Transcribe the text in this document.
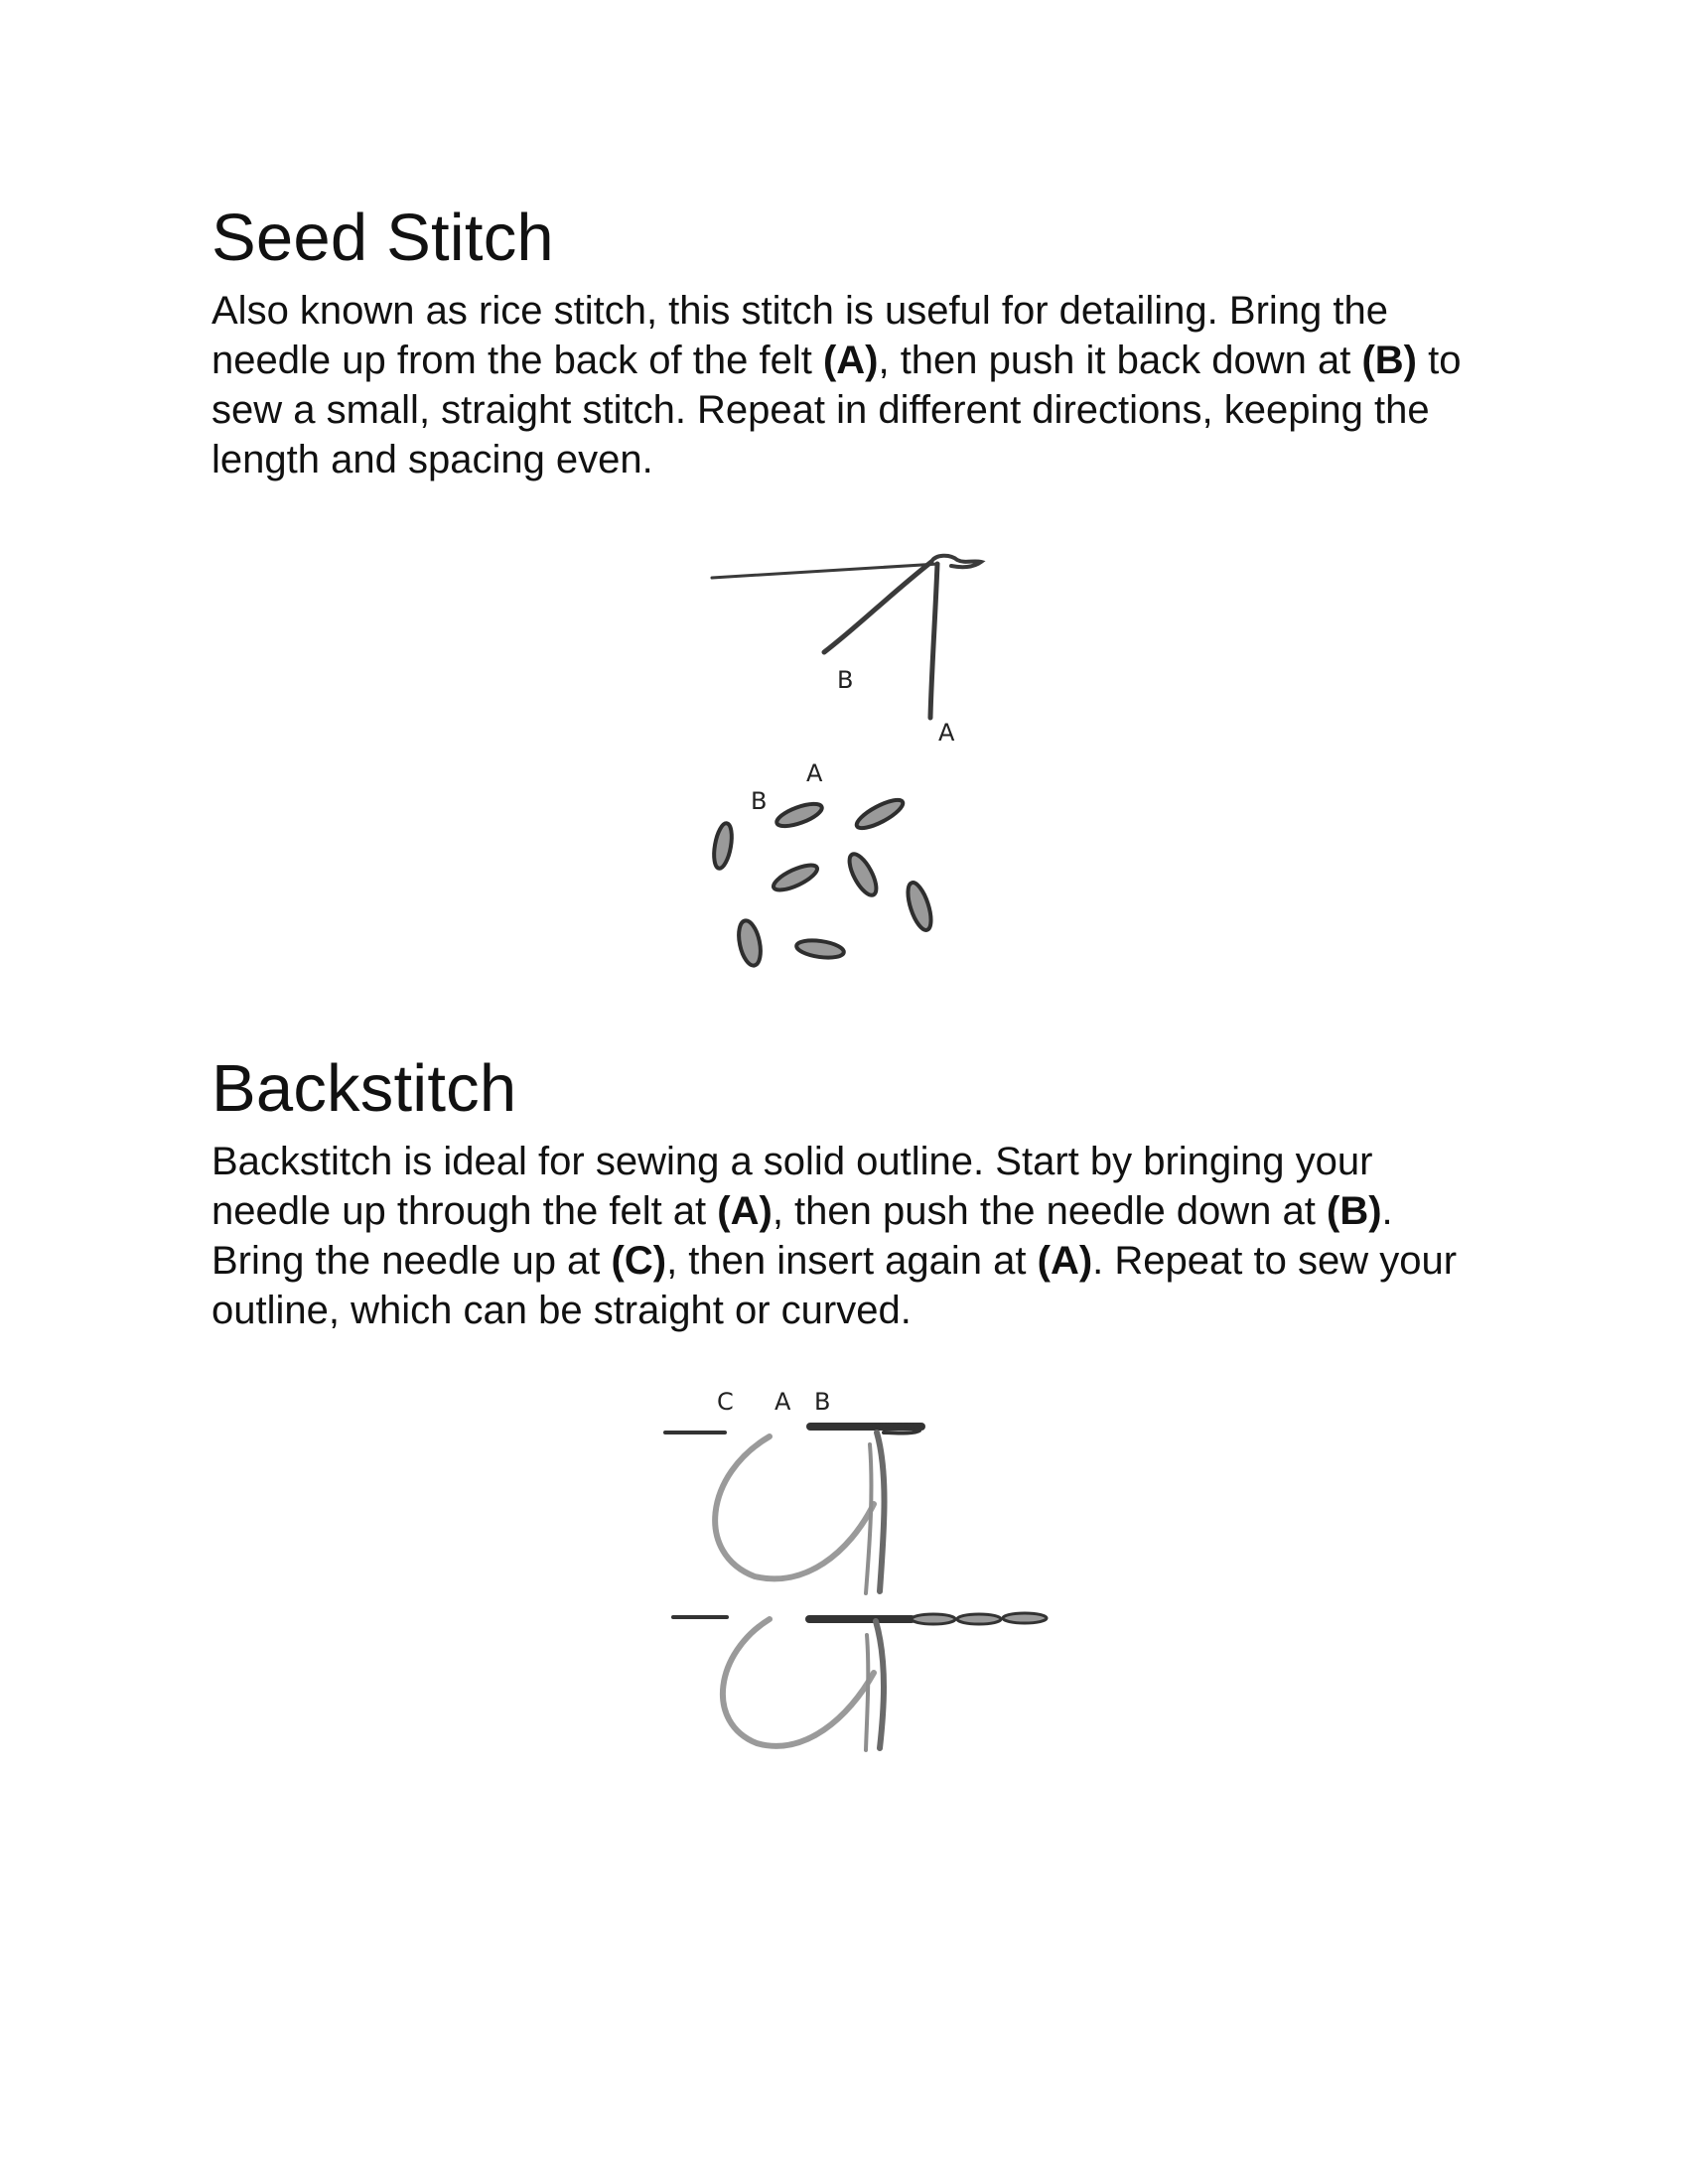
Seed Stitch

Also known as rice stitch, this stitch is useful for detailing. Bring the needle up from the back of the felt (A), then push it back down at (B) to sew a small, straight stitch. Repeat in different directions, keeping the length and spacing even.

B
A
A
B
Backstitch

Backstitch is ideal for sewing a solid outline. Start by bringing your needle up through the felt at (A), then push the needle down at (B). Bring the needle up at (C), then insert again at (A). Repeat to sew your outline, which can be straight or curved.

C A B
